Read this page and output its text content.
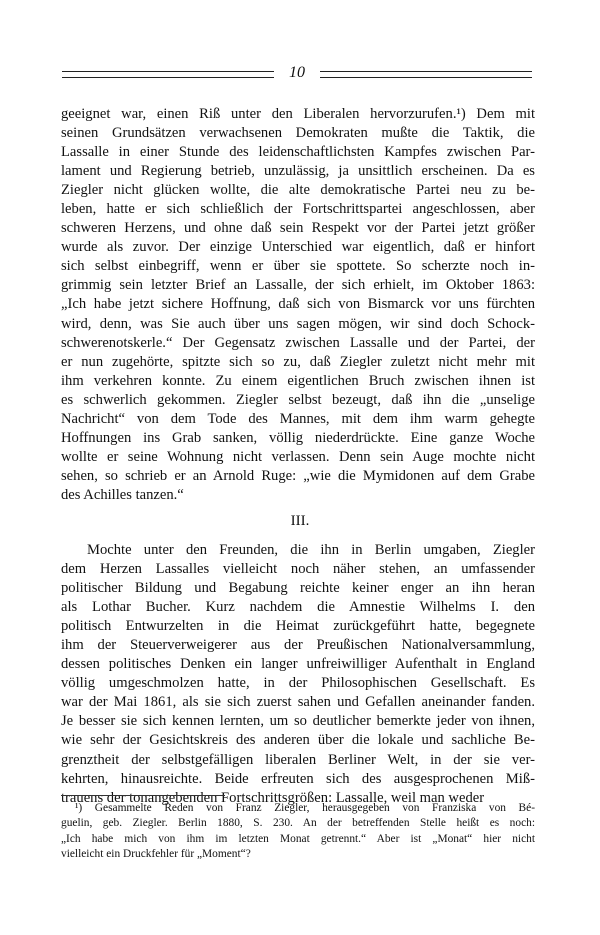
10
geeignet war, einen Riß unter den Liberalen hervorzurufen.¹) Dem mit
seinen Grundsätzen verwachsenen Demokraten mußte die Taktik, die
Lassalle in einer Stunde des leidenschaftlichsten Kampfes zwischen Par-
lament und Regierung betrieb, unzulässig, ja unsittlich erscheinen. Da es
Ziegler nicht glücken wollte, die alte demokratische Partei neu zu be-
leben, hatte er sich schließlich der Fortschrittspartei angeschlossen, aber
schweren Herzens, und ohne daß sein Respekt vor der Partei jetzt größer
wurde als zuvor. Der einzige Unterschied war eigentlich, daß er hinfort
sich selbst einbegriff, wenn er über sie spottete. So scherzte noch in-
grimmig sein letzter Brief an Lassalle, der sich erhielt, im Oktober 1863:
„Ich habe jetzt sichere Hoffnung, daß sich von Bismarck vor uns fürchten
wird, denn, was Sie auch über uns sagen mögen, wir sind doch Schock-
schwerenotskerle.“ Der Gegensatz zwischen Lassalle und der Partei, der
er nun zugehörte, spitzte sich so zu, daß Ziegler zuletzt nicht mehr mit
ihm verkehren konnte. Zu einem eigentlichen Bruch zwischen ihnen ist
es schwerlich gekommen. Ziegler selbst bezeugt, daß ihn die „unselige
Nachricht“ von dem Tode des Mannes, mit dem ihm warm gehegte
Hoffnungen ins Grab sanken, völlig niederdrückte. Eine ganze Woche
wollte er seine Wohnung nicht verlassen. Denn sein Auge mochte nicht
sehen, so schrieb er an Arnold Ruge: „wie die Mymidonen auf dem Grabe
des Achilles tanzen.“
III.
Mochte unter den Freunden, die ihn in Berlin umgaben, Ziegler
dem Herzen Lassalles vielleicht noch näher stehen, an umfassender
politischer Bildung und Begabung reichte keiner enger an ihn heran
als Lothar Bucher. Kurz nachdem die Amnestie Wilhelms I. den
politisch Entwurzelten in die Heimat zurückgeführt hatte, begegnete
ihm der Steuerverweigerer aus der Preußischen Nationalversammlung,
dessen politisches Denken ein langer unfreiwilliger Aufenthalt in England
völlig umgeschmolzen hatte, in der Philosophischen Gesellschaft. Es
war der Mai 1861, als sie sich zuerst sahen und Gefallen aneinander fanden.
Je besser sie sich kennen lernten, um so deutlicher bemerkte jeder von ihnen,
wie sehr der Gesichtskreis des anderen über die lokale und sachliche Be-
grenztheit der selbstgefälligen liberalen Berliner Welt, in der sie ver-
kehrten, hinausreichte. Beide erfreuten sich des ausgesprochenen Miß-
trauens der tonangebenden Fortschrittsgrößen: Lassalle, weil man weder
¹) Gesammelte Reden von Franz Ziegler, herausgegeben von Franziska von Bé-
guelin, geb. Ziegler. Berlin 1880, S. 230. An der betreffenden Stelle heißt es noch:
„Ich habe mich von ihm im letzten Monat getrennt.“ Aber ist „Monat“ hier nicht
vielleicht ein Druckfehler für „Moment“?
